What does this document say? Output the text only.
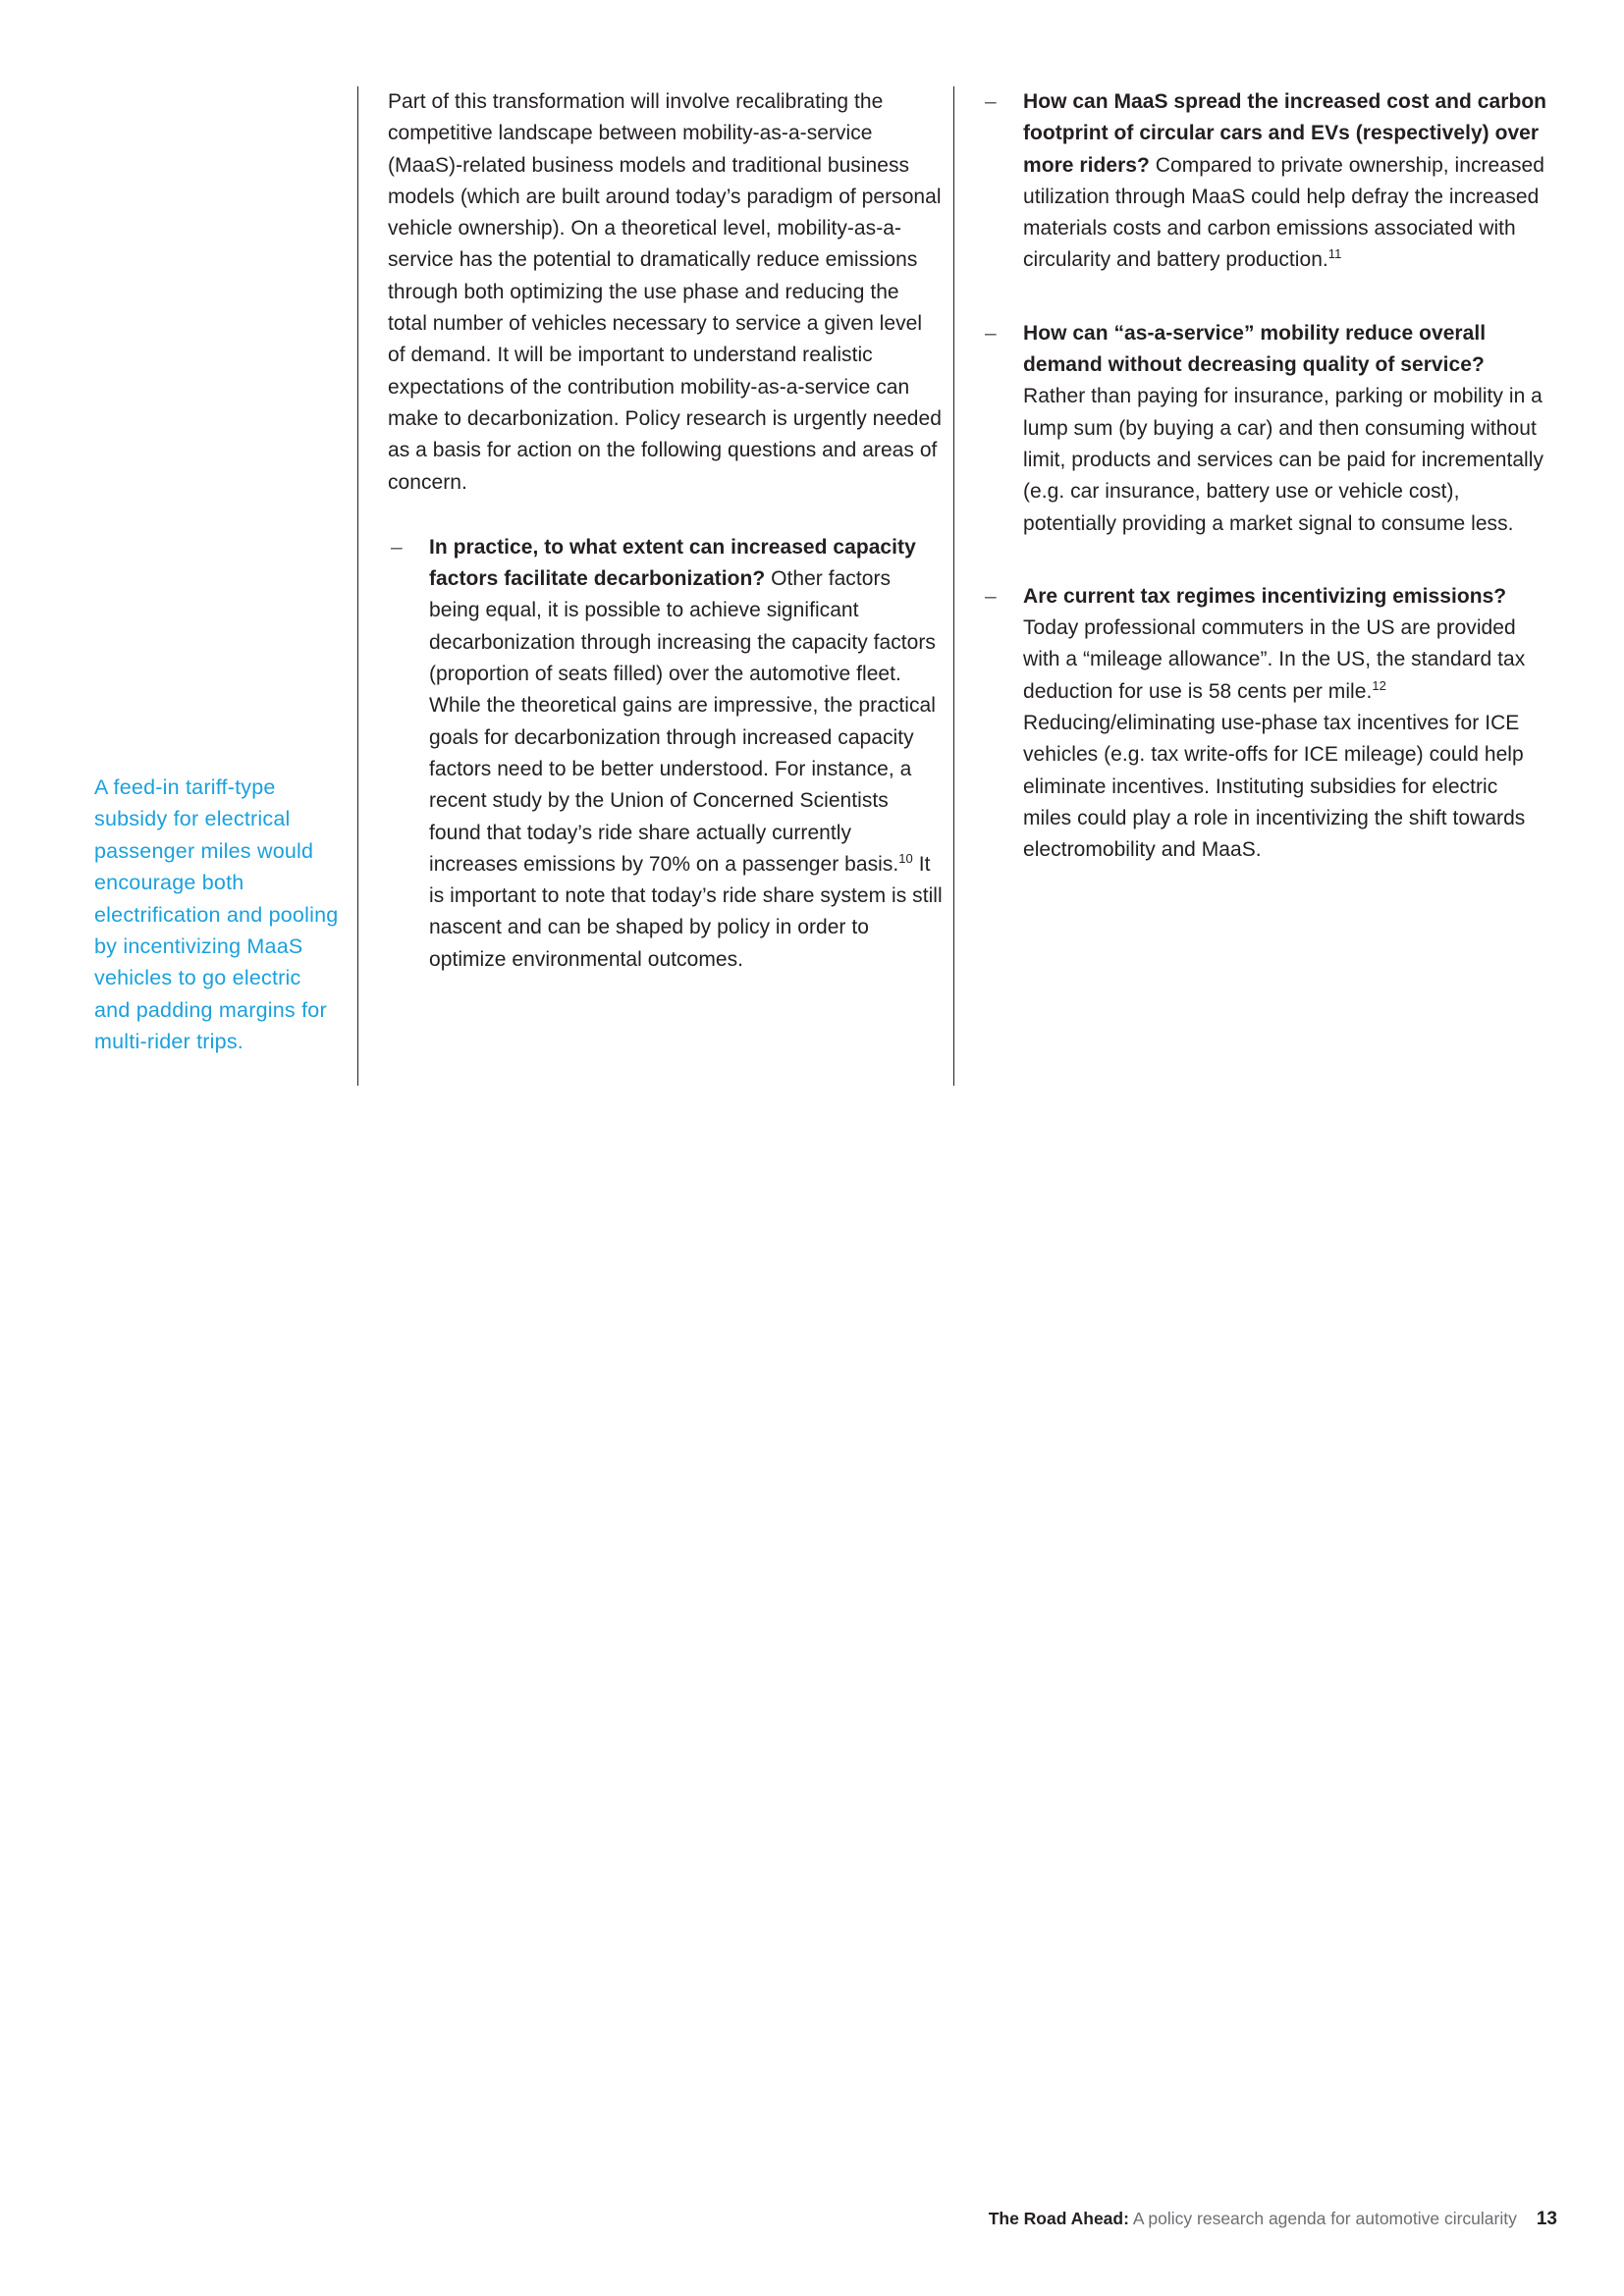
A feed-in tariff-type subsidy for electrical passenger miles would encourage both electrification and pooling by incentivizing MaaS vehicles to go electric and padding margins for multi-rider trips.

Part of this transformation will involve recalibrating the competitive landscape between mobility-as-a-service (MaaS)-related business models and traditional business models (which are built around today’s paradigm of personal vehicle ownership). On a theoretical level, mobility-as-a-service has the potential to dramatically reduce emissions through both optimizing the use phase and reducing the total number of vehicles necessary to service a given level of demand. It will be important to understand realistic expectations of the contribution mobility-as-a-service can make to decarbonization. Policy research is urgently needed as a basis for action on the following questions and areas of concern.

–	In practice, to what extent can increased capacity factors facilitate decarbonization? Other factors being equal, it is possible to achieve significant decarbonization through increasing the capacity factors (proportion of seats filled) over the automotive fleet. While the theoretical gains are impressive, the practical goals for decarbonization through increased capacity factors need to be better understood. For instance, a recent study by the Union of Concerned Scientists found that today’s ride share actually currently increases emissions by 70% on a passenger basis.$^{10}$ It is important to note that today’s ride share system is still nascent and can be shaped by policy in order to optimize environmental outcomes.

–	How can MaaS spread the increased cost and carbon footprint of circular cars and EVs (respectively) over more riders? Compared to private ownership, increased utilization through MaaS could help defray the increased materials costs and carbon emissions associated with circularity and battery production.$^{11}$

–	How can “as-a-service” mobility reduce overall demand without decreasing quality of service? Rather than paying for insurance, parking or mobility in a lump sum (by buying a car) and then consuming without limit, products and services can be paid for incrementally (e.g. car insurance, battery use or vehicle cost), potentially providing a market signal to consume less.

–	Are current tax regimes incentivizing emissions? Today professional commuters in the US are provided with a “mileage allowance”. In the US, the standard tax deduction for use is 58 cents per mile.$^{12}$ Reducing/eliminating use-phase tax incentives for ICE vehicles (e.g. tax write-offs for ICE mileage) could help eliminate incentives. Instituting subsidies for electric miles could play a role in incentivizing the shift towards electromobility and MaaS.

The Road Ahead: A policy research agenda for automotive circularity 13
